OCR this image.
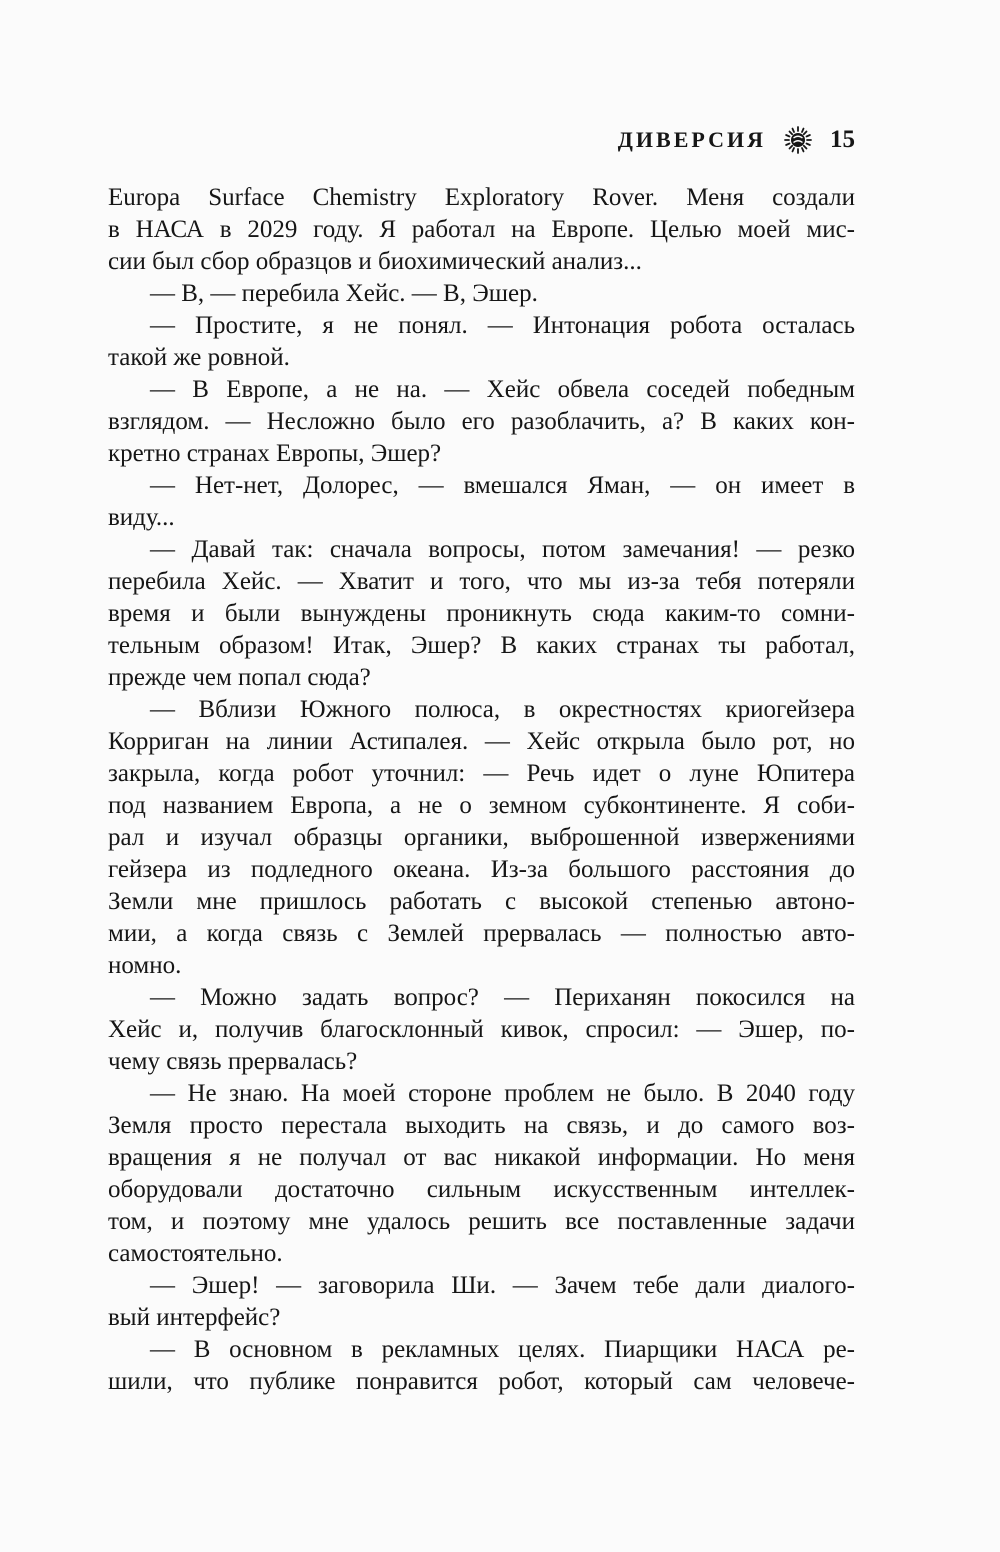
ДИВЕРСИЯ	15
Europa Surface Chemistry Exploratory Rover. Меня создали
в НАСА в 2029 году. Я работал на Европе. Целью моей мис-
сии был сбор образцов и биохимический анализ...
— В, — перебила Хейс. — В, Эшер.
— Простите, я не понял. — Интонация робота осталась
такой же ровной.
— В Европе, а не на. — Хейс обвела соседей победным
взглядом. — Несложно было его разоблачить, а? В каких кон-
кретно странах Европы, Эшер?
— Нет-нет, Долорес, — вмешался Яман, — он имеет в
виду...
— Давай так: сначала вопросы, потом замечания! — резко
перебила Хейс. — Хватит и того, что мы из-за тебя потеряли
время и были вынуждены проникнуть сюда каким-то сомни-
тельным образом! Итак, Эшер? В каких странах ты работал,
прежде чем попал сюда?
— Вблизи Южного полюса, в окрестностях криогейзера
Корриган на линии Астипалея. — Хейс открыла было рот, но
закрыла, когда робот уточнил: — Речь идет о луне Юпитера
под названием Европа, а не о земном субконтиненте. Я соби-
рал и изучал образцы органики, выброшенной извержениями
гейзера из подледного океана. Из-за большого расстояния до
Земли мне пришлось работать с высокой степенью автоно-
мии, а когда связь с Землей прервалась — полностью авто-
номно.
— Можно задать вопрос? — Периханян покосился на
Хейс и, получив благосклонный кивок, спросил: — Эшер, по-
чему связь прервалась?
— Не знаю. На моей стороне проблем не было. В 2040 году
Земля просто перестала выходить на связь, и до самого воз-
вращения я не получал от вас никакой информации. Но меня
оборудовали достаточно сильным искусственным интеллек-
том, и поэтому мне удалось решить все поставленные задачи
самостоятельно.
— Эшер! — заговорила Ши. — Зачем тебе дали диалого-
вый интерфейс?
— В основном в рекламных целях. Пиарщики НАСА ре-
шили, что публике понравится робот, который сам человече-
